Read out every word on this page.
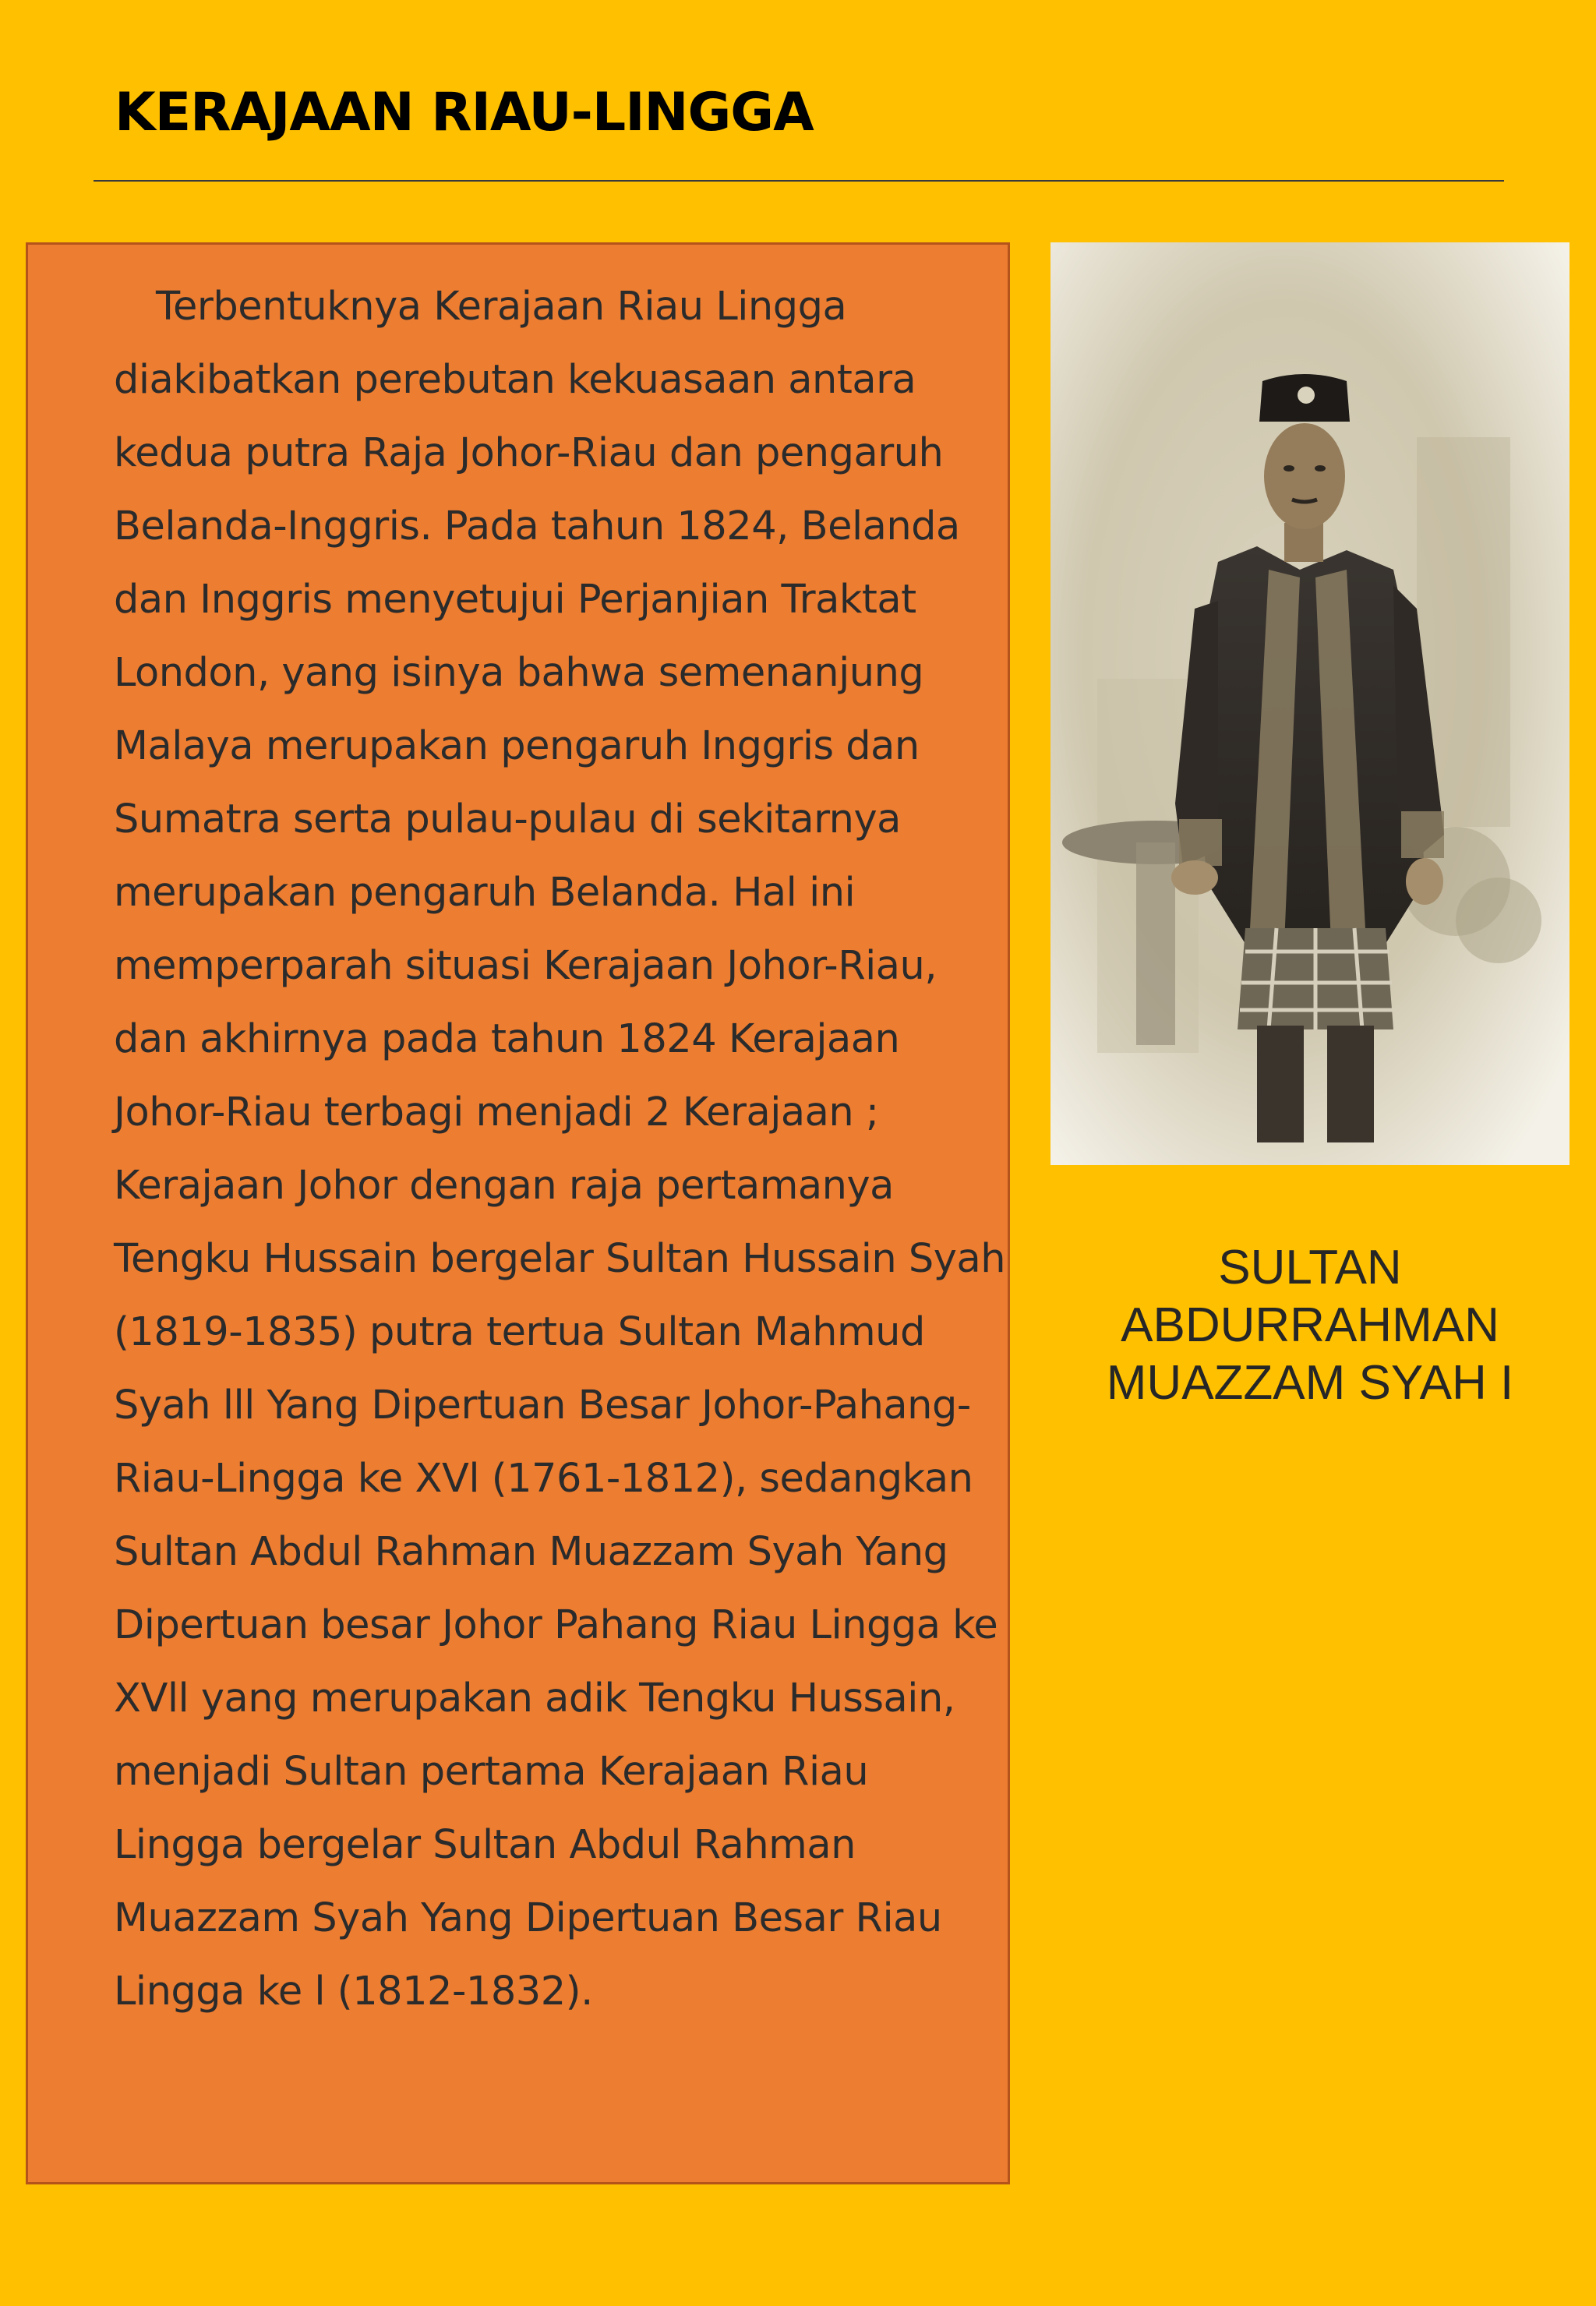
KERAJAAN RIAU-LINGGA

Terbentuknya Kerajaan Riau Lingga diakibatkan perebutan kekuasaan antara kedua putra Raja Johor-Riau dan pengaruh Belanda-Inggris. Pada tahun 1824, Belanda dan Inggris menyetujui Perjanjian Traktat London, yang isinya bahwa semenanjung Malaya merupakan pengaruh Inggris dan Sumatra serta pulau-pulau di sekitarnya merupakan pengaruh Belanda. Hal ini memperparah situasi Kerajaan Johor-Riau, dan akhirnya pada tahun 1824 Kerajaan Johor-Riau terbagi menjadi 2 Kerajaan ; Kerajaan Johor dengan raja pertamanya Tengku Hussain bergelar Sultan Hussain Syah (1819-1835) putra tertua Sultan Mahmud Syah lll Yang Dipertuan Besar Johor-Pahang-Riau-Lingga ke XVl (1761-1812), sedangkan Sultan Abdul Rahman Muazzam Syah Yang Dipertuan besar Johor Pahang Riau Lingga ke XVll yang merupakan adik Tengku Hussain, menjadi Sultan pertama Kerajaan Riau Lingga bergelar Sultan Abdul Rahman Muazzam Syah Yang Dipertuan Besar Riau Lingga ke l (1812-1832).

SULTAN
ABDURRAHMAN
MUAZZAM SYAH I
